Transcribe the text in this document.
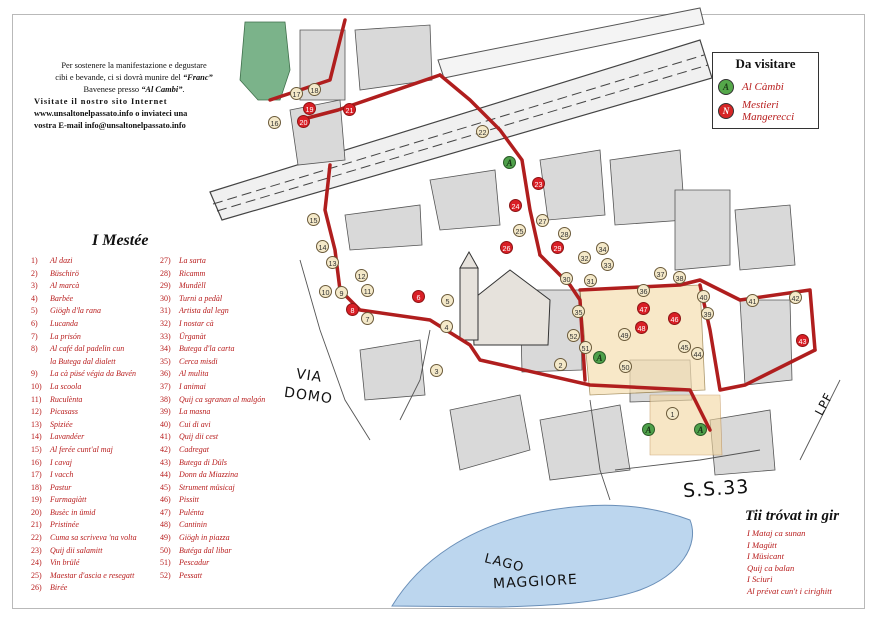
Per sostenere la manifestazione e degustare

cibi e bevande, ci si dovrà munire del “Franc”

Bavenese presso “Al Cambi”.

Visitate il nostro sito Internet

www.unsaltonelpassato.info o inviateci una

vostra E-mail info@unsaltonelpassato.info

I Mestée
1)	Al dazi
2)	Büschirö
3)	Al marcà
4)	Barbée
5)	Giögh d'la rana
6)	Lucanda
7)	La prisón
8)	Al café dal padelin cun
la Butega dal dialett
9)	La cà püsé végia da Bavén
10)	La scoola
11)	Ruculènta
12)	Picasass
13)	Spiziée
14)	Lavandéer
15)	Al ferée cunt'al maj
16)	I cavaj
17)	I vacch
18)	Pastur
19)	Furmagiàtt
20)	Busèc in ümid
21)	Pristinée
22)	Cuma sa scriveva 'na volta
23)	Quij dii salamitt
24)	Vin brülé
25)	Maestar d'ascia e resegatt
26)	Birée
27)	La sarta
28)	Ricamm
29)	Mundèll
30)	Turni a pedàl
31)	Artista dal legn
32)	I nostar cà
33)	Ürganàt
34)	Butega d'la carta
35)	Cerca misdi
36)	Al mulita
37)	I animai
38)	Quij ca sgranan al malgón
39)	La masna
40)	Cui di avi
41)	Quij dii cest
42)	Cadregat
43)	Butega di Düls
44)	Donn da Miazzina
45)	Strument müsicaj
46)	Pissitt
47)	Pulénta
48)	Cantinin
49)	Giögh in piazza
50)	Butéga dal libar
51)	Pescadur
52)	Pessatt
Da visitare
A	Al Càmbi
N	Mestieri
Mangerecci
Tii tróvat in gir
I Mataj ca sunan
I Magütt
I Müsicant
Quij ca balan
I Sciuri
Al prévat cun't i cirighitt
VIA
DOMO
S.S.33
LPF
LAGO
MAGGIORE
1
2
3
4
5
6
7
8
9
10	11
12
13
14
15
16
17	18
19
20
21
22
23
24
25
26
27
28
29
30	31
32
33
34
35
36
37	38
39
40	41	42
43
44
45
46
47
48
49
50
51
52
A
A
A	A
